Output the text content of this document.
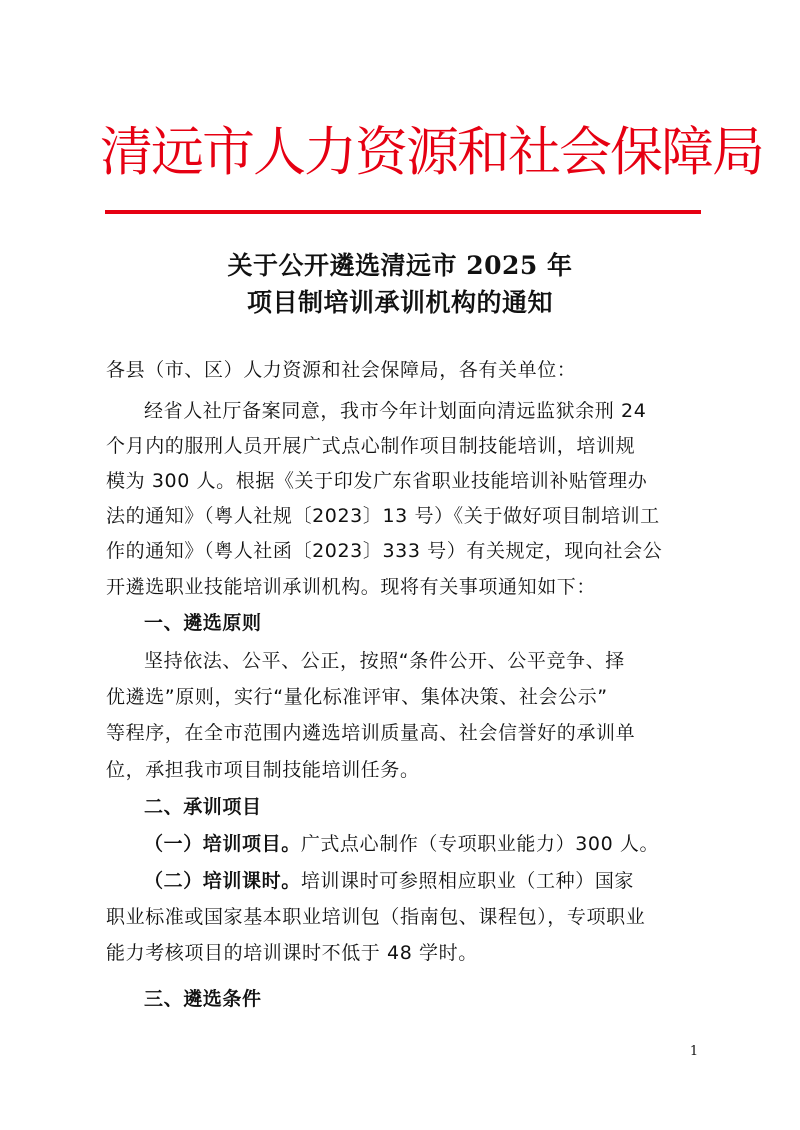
清远市人力资源和社会保障局
关于公开遴选清远市 2025 年
项目制培训承训机构的通知
各县（市、区）人力资源和社会保障局，各有关单位：
经省人社厅备案同意，我市今年计划面向清远监狱余刑 24
个月内的服刑人员开展广式点心制作项目制技能培训，培训规
模为 300 人。根据《关于印发广东省职业技能培训补贴管理办
法的通知》（粤人社规〔2023〕13 号）《关于做好项目制培训工
作的通知》（粤人社函〔2023〕333 号）有关规定，现向社会公
开遴选职业技能培训承训机构。现将有关事项通知如下：
一、遴选原则
坚持依法、公平、公正，按照“条件公开、公平竞争、择
优遴选”原则，实行“量化标准评审、集体决策、社会公示”
等程序，在全市范围内遴选培训质量高、社会信誉好的承训单
位，承担我市项目制技能培训任务。
二、承训项目
（一）培训项目。广式点心制作（专项职业能力）300 人。
（二）培训课时。培训课时可参照相应职业（工种）国家
职业标准或国家基本职业培训包（指南包、课程包），专项职业
能力考核项目的培训课时不低于 48 学时。
三、遴选条件
1
